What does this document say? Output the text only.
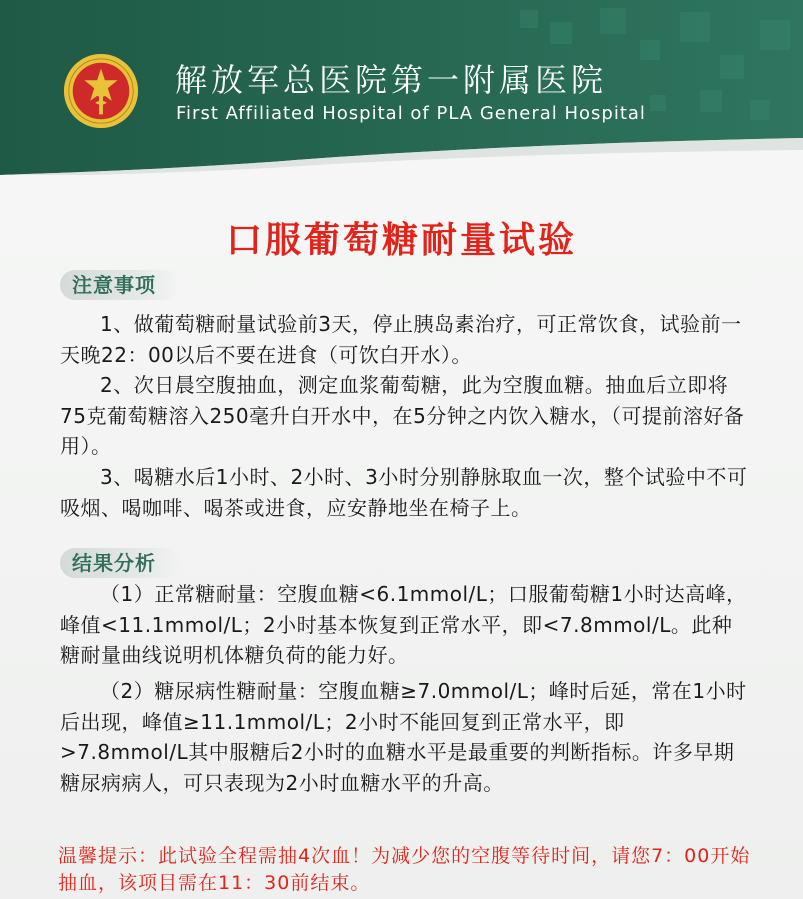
解放军总医院第一附属医院
First Affiliated Hospital of PLA General Hospital
口服葡萄糖耐量试验
注意事项

1、做葡萄糖耐量试验前3天，停止胰岛素治疗，可正常饮食，试验前一天晚22：00以后不要在进食（可饮白开水）。

2、次日晨空腹抽血，测定血浆葡萄糖，此为空腹血糖。抽血后立即将75克葡萄糖溶入250毫升白开水中，在5分钟之内饮入糖水，（可提前溶好备用）。

3、喝糖水后1小时、2小时、3小时分别静脉取血一次，整个试验中不可吸烟、喝咖啡、喝茶或进食，应安静地坐在椅子上。

结果分析

（1）正常糖耐量：空腹血糖<6.1mmol/L；口服葡萄糖1小时达高峰，峰值<11.1mmol/L；2小时基本恢复到正常水平，即<7.8mmol/L。此种糖耐量曲线说明机体糖负荷的能力好。

（2）糖尿病性糖耐量：空腹血糖≥7.0mmol/L；峰时后延，常在1小时后出现，峰值≥11.1mmol/L；2小时不能回复到正常水平，即>7.8mmol/L其中服糖后2小时的血糖水平是最重要的判断指标。许多早期糖尿病病人，可只表现为2小时血糖水平的升高。

温馨提示：此试验全程需抽4次血！为减少您的空腹等待时间，请您7：00开始抽血，该项目需在11：30前结束。
